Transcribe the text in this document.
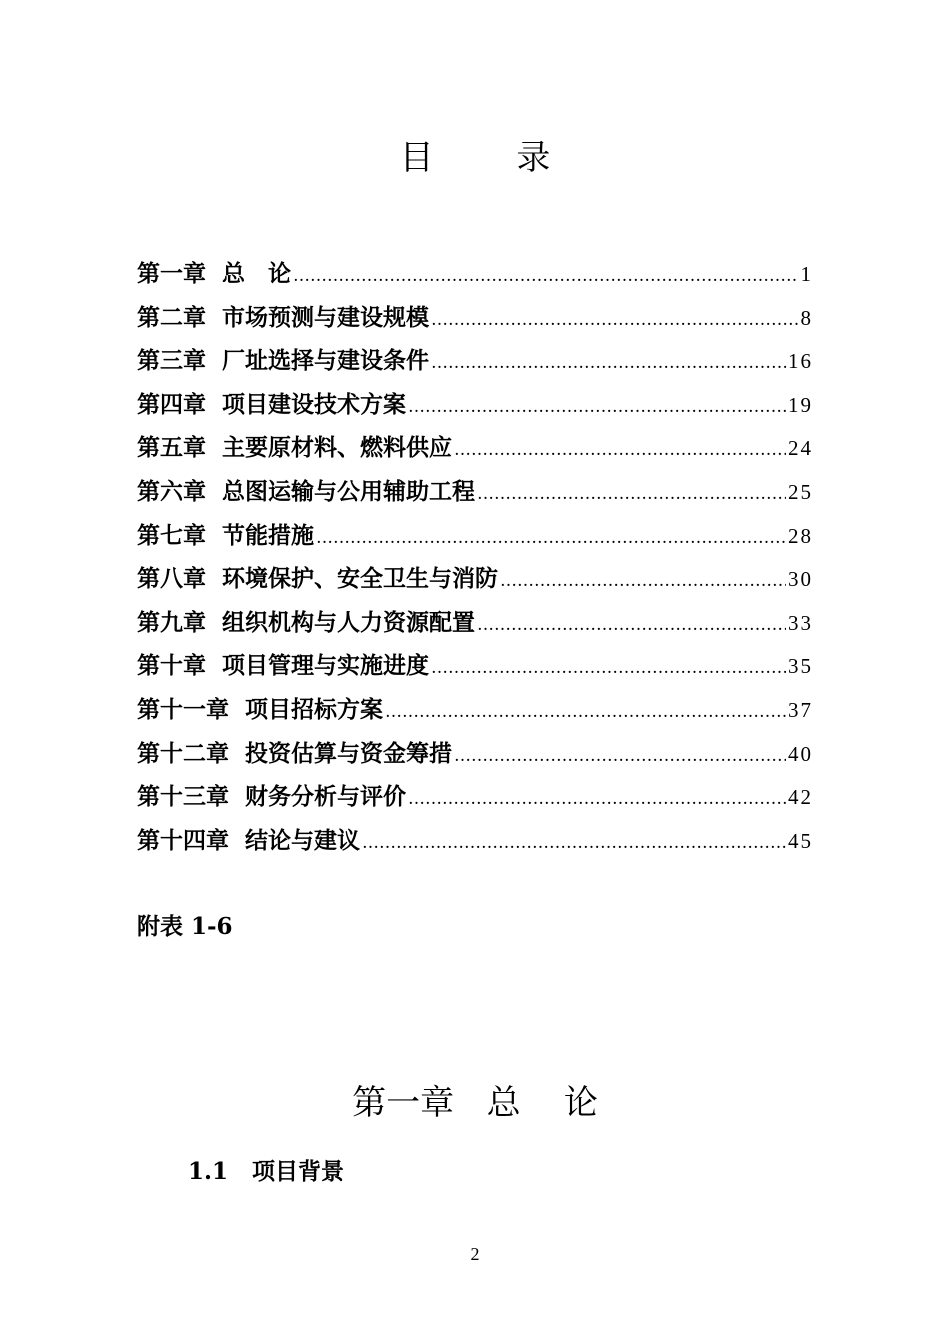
目 录
第一章 总　论 ………………………………………………………………………………………………………………………………	1
第二章 市场预测与建设规模 ………………………………………………………………………………………………………………………………	8
第三章 厂址选择与建设条件 ………………………………………………………………………………………………………………………………	16
第四章 项目建设技术方案 ………………………………………………………………………………………………………………………………	19
第五章 主要原材料、燃料供应 ………………………………………………………………………………………………………………………………	24
第六章 总图运输与公用辅助工程 ………………………………………………………………………………………………………………………………	25
第七章 节能措施 ………………………………………………………………………………………………………………………………	28
第八章 环境保护、安全卫生与消防 ………………………………………………………………………………………………………………………………	30
第九章 组织机构与人力资源配置 ………………………………………………………………………………………………………………………………	33
第十章 项目管理与实施进度 ………………………………………………………………………………………………………………………………	35
第十一章 项目招标方案 ………………………………………………………………………………………………………………………………	37
第十二章 投资估算与资金筹措 ………………………………………………………………………………………………………………………………	40
第十三章 财务分析与评价 ………………………………………………………………………………………………………………………………	42
第十四章 结论与建议 ………………………………………………………………………………………………………………………………	45
附表 1-6
第一章   总    论
1.1   项目背景
2
